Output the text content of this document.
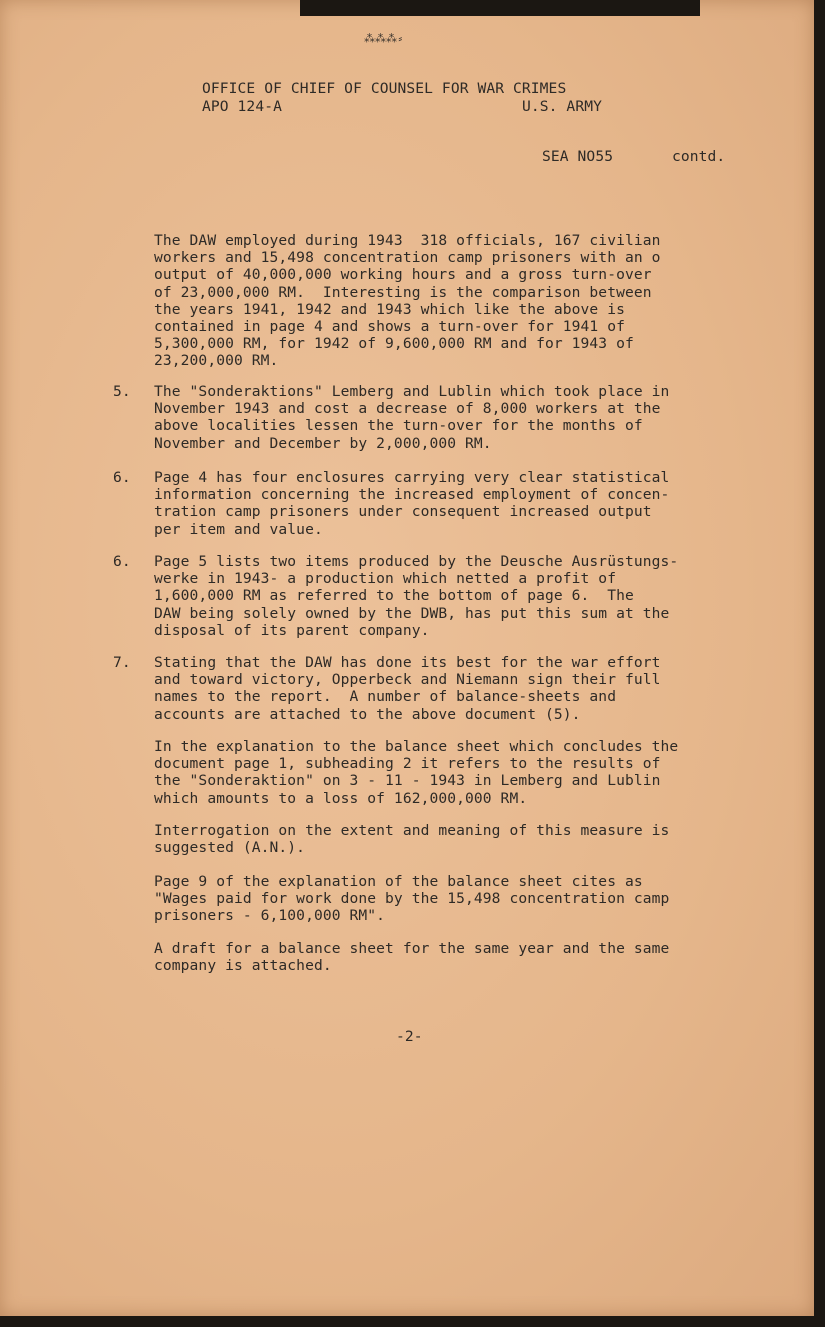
⁂⁂⁂⸗
OFFICE OF CHIEF OF COUNSEL FOR WAR CRIMES
APO 124-A	U.S. ARMY
SEA NO55	contd.
The DAW employed during 1943  318 officials, 167 civilian
workers and 15,498 concentration camp prisoners with an o
output of 40,000,000 working hours and a gross turn-over
of 23,000,000 RM.  Interesting is the comparison between
the years 1941, 1942 and 1943 which like the above is
contained in page 4 and shows a turn-over for 1941 of
5,300,000 RM, for 1942 of 9,600,000 RM and for 1943 of
23,200,000 RM.
5. The "Sonderaktions" Lemberg and Lublin which took place in
November 1943 and cost a decrease of 8,000 workers at the
above localities lessen the turn-over for the months of
November and December by 2,000,000 RM.
6. Page 4 has four enclosures carrying very clear statistical
information concerning the increased employment of concen-
tration camp prisoners under consequent increased output
per item and value.
6. Page 5 lists two items produced by the Deusche Ausrüstungs-
werke in 1943- a production which netted a profit of
1,600,000 RM as referred to the bottom of page 6.  The
DAW being solely owned by the DWB, has put this sum at the
disposal of its parent company.
7. Stating that the DAW has done its best for the war effort
and toward victory, Opperbeck and Niemann sign their full
names to the report.  A number of balance-sheets and
accounts are attached to the above document (5).
In the explanation to the balance sheet which concludes the
document page 1, subheading 2 it refers to the results of
the "Sonderaktion" on 3 - 11 - 1943 in Lemberg and Lublin
which amounts to a loss of 162,000,000 RM.
Interrogation on the extent and meaning of this measure is
suggested (A.N.).
Page 9 of the explanation of the balance sheet cites as
"Wages paid for work done by the 15,498 concentration camp
prisoners - 6,100,000 RM".
A draft for a balance sheet for the same year and the same
company is attached.
-2-
